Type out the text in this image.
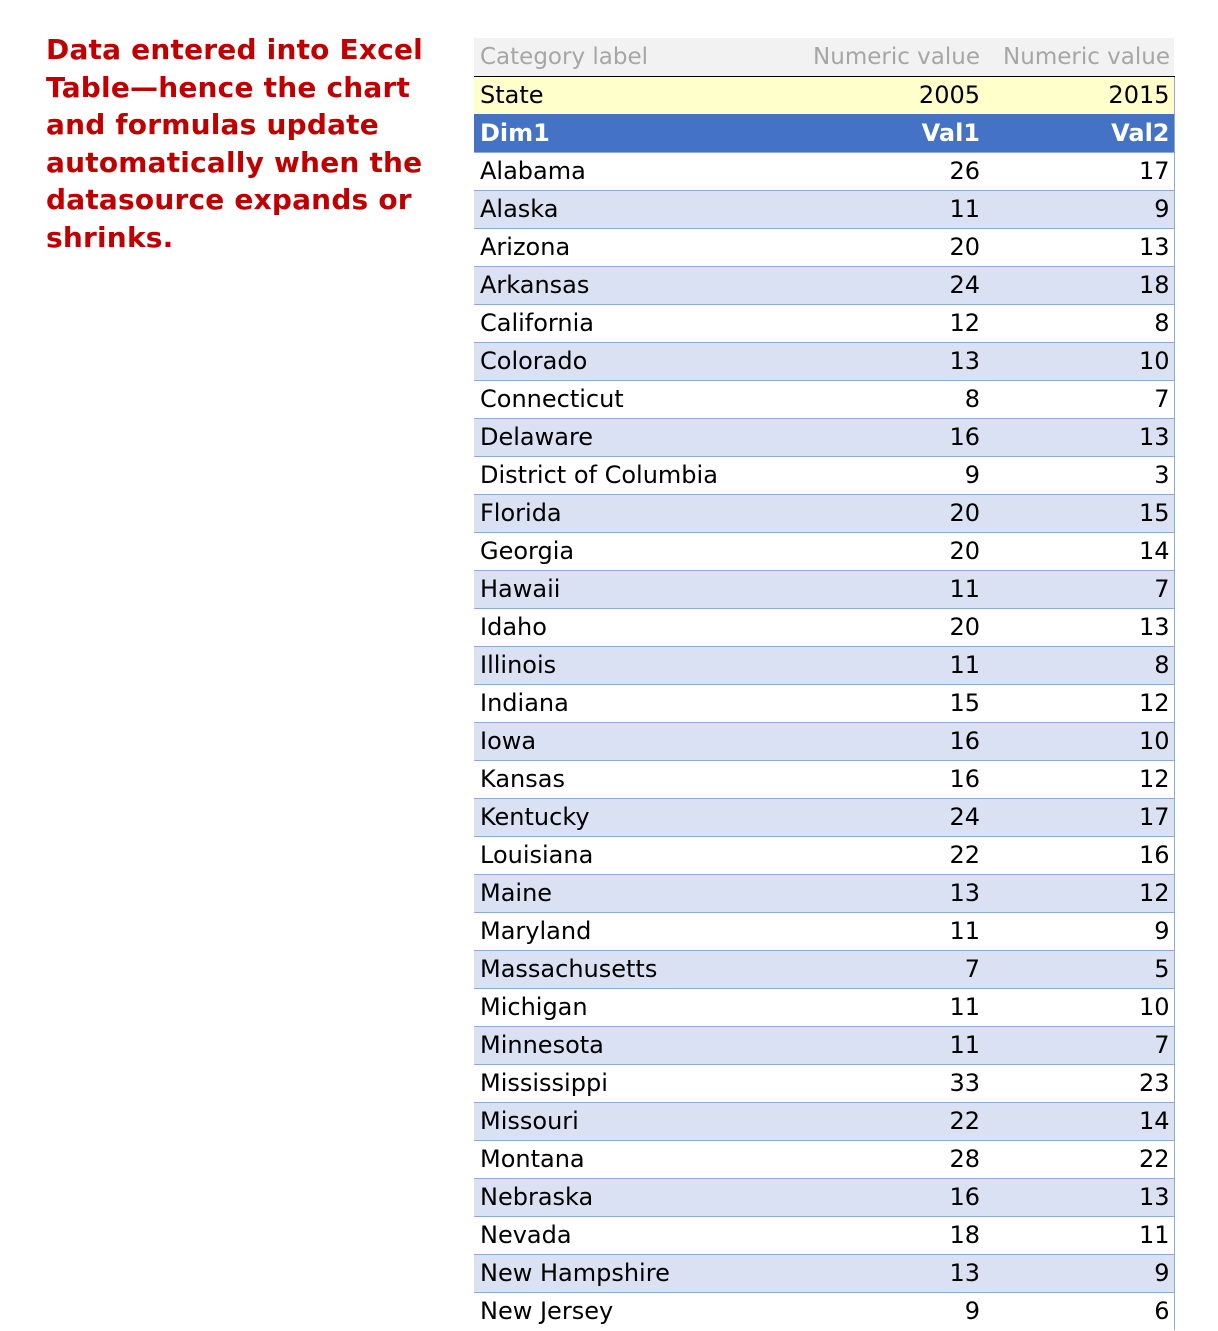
Data entered into Excel Table—hence the chart and formulas update automatically when the datasource expands or shrinks.

Category label	Numeric value	Numeric value
State	2005	2015
Dim1	Val1	Val2
Alabama	26	17
Alaska	11	9
Arizona	20	13
Arkansas	24	18
California	12	8
Colorado	13	10
Connecticut	8	7
Delaware	16	13
District of Columbia	9	3
Florida	20	15
Georgia	20	14
Hawaii	11	7
Idaho	20	13
Illinois	11	8
Indiana	15	12
Iowa	16	10
Kansas	16	12
Kentucky	24	17
Louisiana	22	16
Maine	13	12
Maryland	11	9
Massachusetts	7	5
Michigan	11	10
Minnesota	11	7
Mississippi	33	23
Missouri	22	14
Montana	28	22
Nebraska	16	13
Nevada	18	11
New Hampshire	13	9
New Jersey	9	6
